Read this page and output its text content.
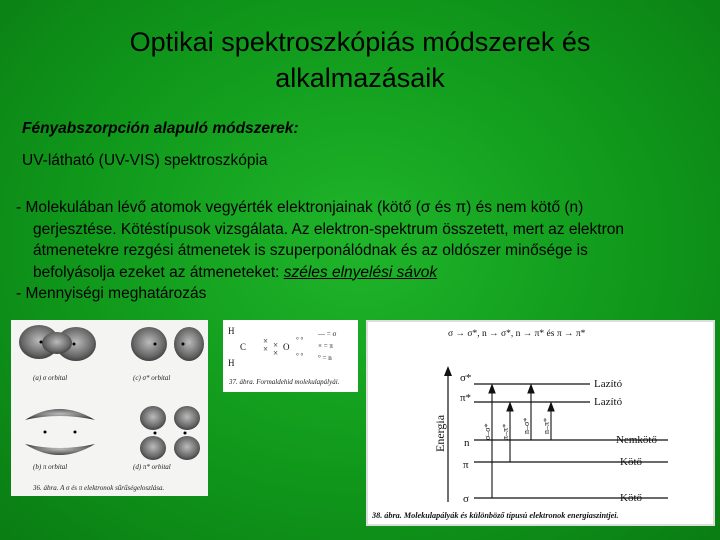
Optikai spektroszkópiás módszerek és
alkalmazásaik
Fényabszorpción alapuló módszerek:
UV-látható (UV-VIS) spektroszkópia

- Molekulában lévő atomok vegyérték elektronjainak (kötő (σ és π) és nem kötő (n)

gerjesztése. Kötéstípusok vizsgálata. Az elektron-spektrum összetett, mert az elektron

átmenetekre rezgési átmenetek is szuperponálódnak és az oldószer minősége is

befolyásolja ezeket az átmeneteket: széles elnyelési sávok

- Mennyiségi meghatározás

(a) σ orbital	(c) σ* orbital
(b) π orbital	(d) π* orbital
36. ábra. A σ és π elektronok sűrűségeloszlása.
H
C
H
×
× ×
×
O
° °
° °
— = σ
× = π
° = n
37. ábra. Formaldehid molekulapályái.
σ → σ*, n → σ*, n → π* és π → π*
Energia
σ*
π*
n
π
σ
σ–σ* π–π* n–σ* n–π*
Lazító
Lazító
Nemkötő
Kötő
Kötő
38. ábra. Molekulapályák és különböző típusú elektronok energiaszintjei.
